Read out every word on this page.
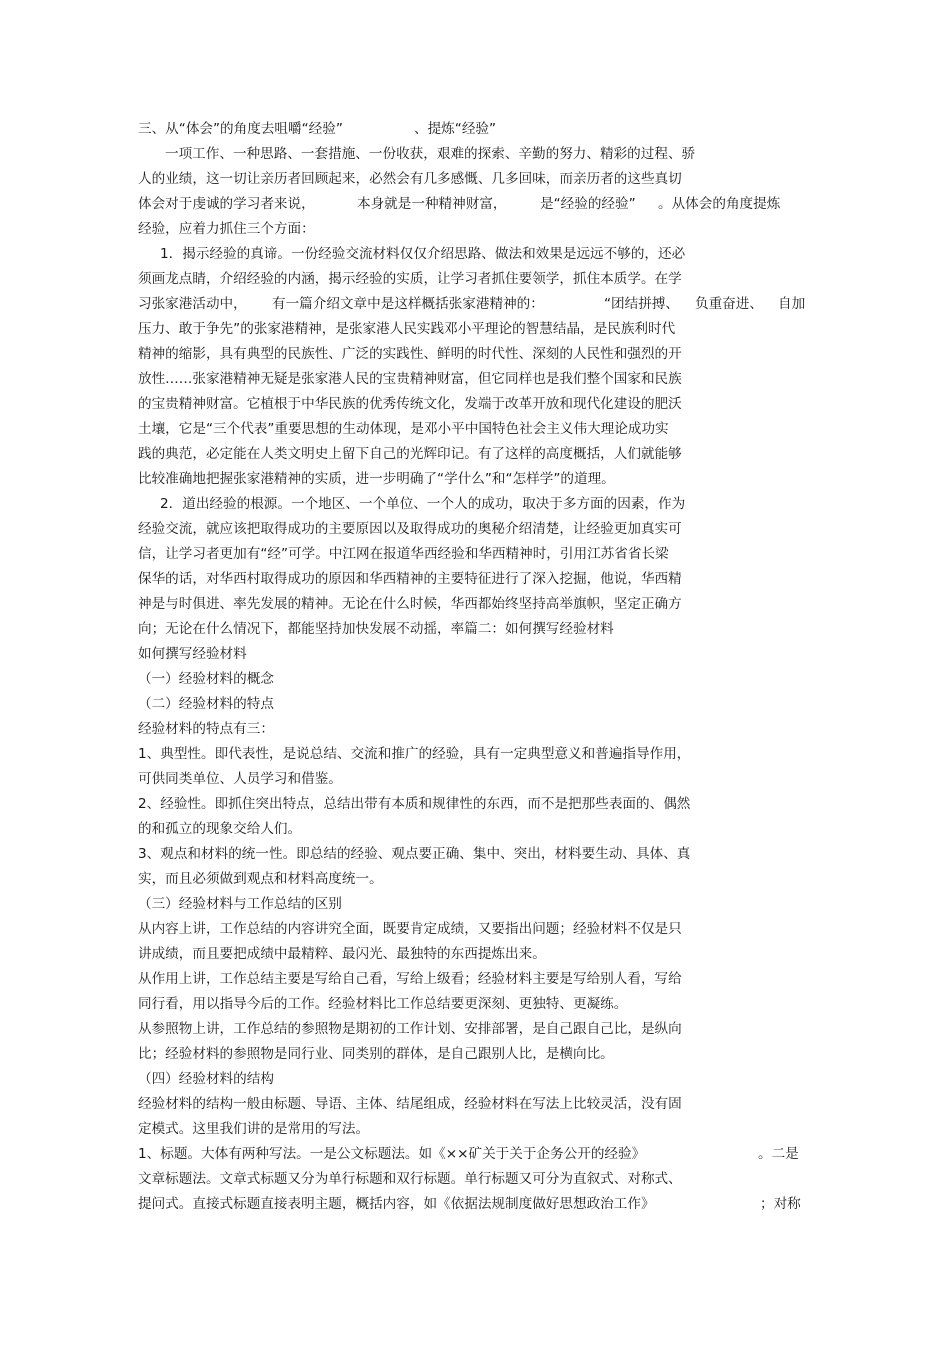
三、从“体会”的角度去咀嚼“经验”	、提炼“经验”
一项工作、一种思路、一套措施、一份收获，艰难的探索、辛勤的努力、精彩的过程、骄
人的业绩，这一切让亲历者回顾起来，必然会有几多感慨、几多回味，而亲历者的这些真切
体会对于虔诚的学习者来说，	本身就是一种精神财富， 是“经验的经验” 。从体会的角度提炼
经验，应着力抓住三个方面：
1．揭示经验的真谛。一份经验交流材料仅仅介绍思路、做法和效果是远远不够的，还必
须画龙点睛，介绍经验的内涵，揭示经验的实质，让学习者抓住要领学，抓住本质学。在学
习张家港活动中， 有一篇介绍文章中是这样概括张家港精神的：	“团结拼搏、 负重奋进、 自加
压力、敢于争先”的张家港精神，是张家港人民实践邓小平理论的智慧结晶，是民族利时代
精神的缩影，具有典型的民族性、广泛的实践性、鲜明的时代性、深刻的人民性和强烈的开
放性……张家港精神无疑是张家港人民的宝贵精神财富，但它同样也是我们整个国家和民族
的宝贵精神财富。它植根于中华民族的优秀传统文化，发端于改革开放和现代化建设的肥沃
土壤，它是“三个代表”重要思想的生动体现，是邓小平中国特色社会主义伟大理论成功实
践的典范，必定能在人类文明史上留下自己的光辉印记。有了这样的高度概括，人们就能够
比较准确地把握张家港精神的实质，进一步明确了“学什么”和“怎样学”的道理。
2．道出经验的根源。一个地区、一个单位、一个人的成功，取决于多方面的因素，作为
经验交流，就应该把取得成功的主要原因以及取得成功的奥秘介绍清楚，让经验更加真实可
信，让学习者更加有“经”可学。中江网在报道华西经验和华西精神时，引用江苏省省长梁
保华的话，对华西村取得成功的原因和华西精神的主要特征进行了深入挖掘，他说，华西精
神是与时俱进、率先发展的精神。无论在什么时候，华西都始终坚持高举旗帜，坚定正确方
向；无论在什么情况下，都能坚持加快发展不动摇，率篇二：如何撰写经验材料
如何撰写经验材料
（一）经验材料的概念
（二）经验材料的特点
经验材料的特点有三：
1、典型性。即代表性，是说总结、交流和推广的经验，具有一定典型意义和普遍指导作用，
可供同类单位、人员学习和借鉴。
2、经验性。即抓住突出特点，总结出带有本质和规律性的东西，而不是把那些表面的、偶然
的和孤立的现象交给人们。
3、观点和材料的统一性。即总结的经验、观点要正确、集中、突出，材料要生动、具体、真
实，而且必须做到观点和材料高度统一。
（三）经验材料与工作总结的区别
从内容上讲，工作总结的内容讲究全面，既要肯定成绩，又要指出问题；经验材料不仅是只
讲成绩，而且要把成绩中最精粹、最闪光、最独特的东西提炼出来。
从作用上讲，工作总结主要是写给自己看，写给上级看；经验材料主要是写给别人看，写给
同行看，用以指导今后的工作。经验材料比工作总结要更深刻、更独特、更凝练。
从参照物上讲，工作总结的参照物是期初的工作计划、安排部署，是自己跟自己比，是纵向
比；经验材料的参照物是同行业、同类别的群体，是自己跟别人比，是横向比。
（四）经验材料的结构
经验材料的结构一般由标题、导语、主体、结尾组成，经验材料在写法上比较灵活，没有固
定模式。这里我们讲的是常用的写法。
1、标题。大体有两种写法。一是公文标题法。如《××矿关于关于企务公开的经验》	。二是
文章标题法。文章式标题又分为单行标题和双行标题。单行标题又可分为直叙式、对称式、
提问式。直接式标题直接表明主题，概括内容，如《依据法规制度做好思想政治工作》	；对称
